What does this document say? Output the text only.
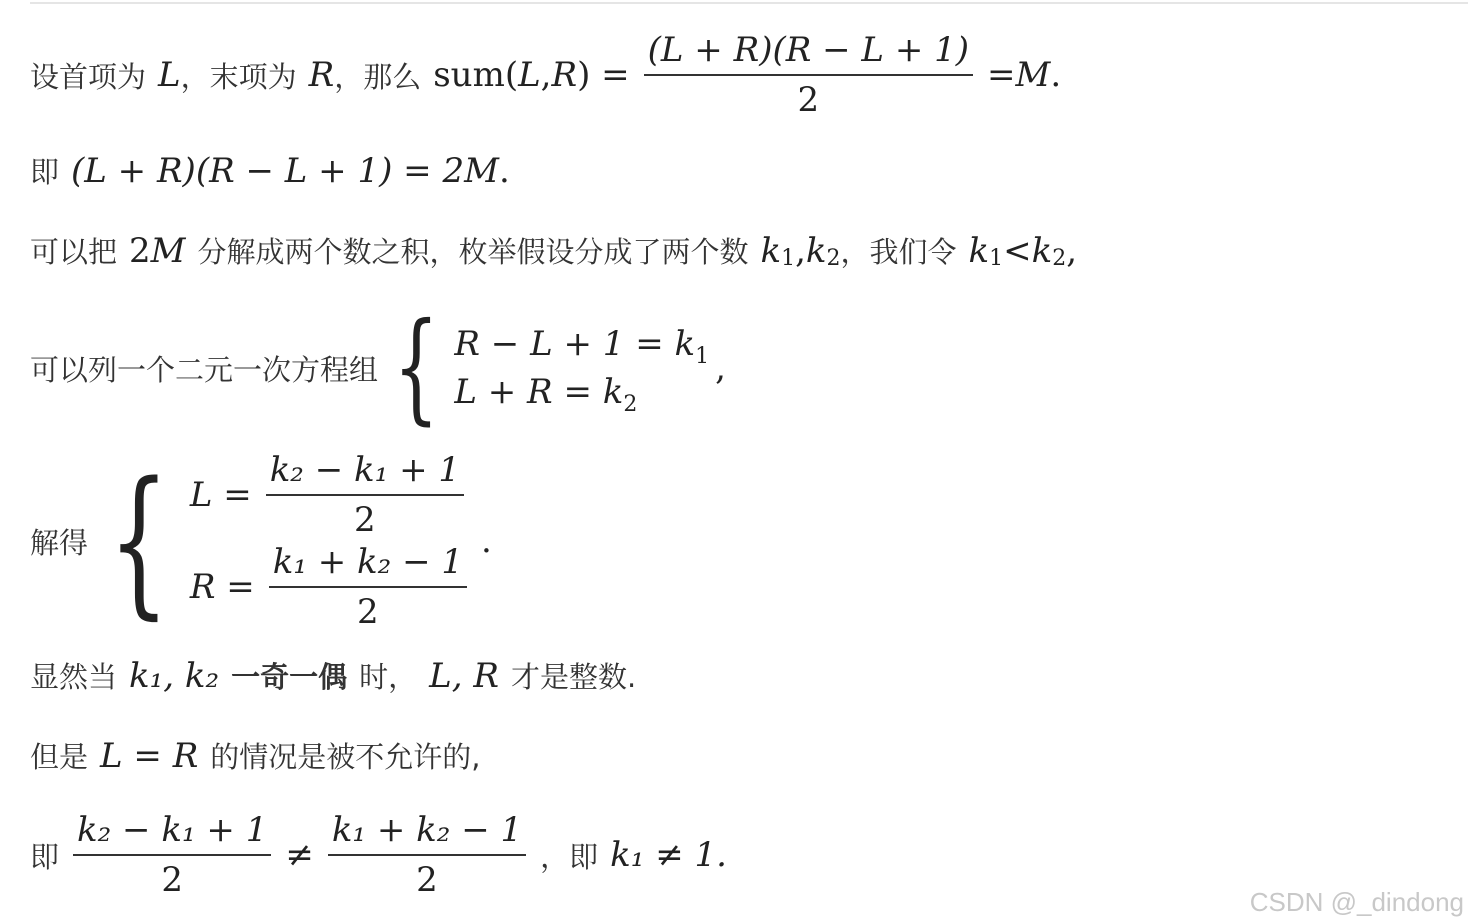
设首项为 L ，末项为 R ，那么 sum( L , R ) = $\frac{(L + R)(R - L + 1)}{2} = M$ .
即 (L + R)(R − L + 1) = 2 M .
可以把 2 M 分解成两个数之积，枚举假设分成了两个数 k 1 , k 2 ，我们令 k 1 < k 2 ,
可以列一个二元一次方程组 { R − L + 1 = k1
L + R = k2
,
解得 { $L = \frac{\text{k₂ − k₁ + 1}}{2}$
$R = \frac{\text{k₁ + k₂ − 1}}{2}$
.
显然当 k₁, k₂ 一奇一偶 时， L, R 才是整数.
但是 L = R 的情况是被不允许的,
即 $\frac{\text{k₂ − k₁ + 1}}{2} \ne \frac{\text{k₁ + k₂ − 1}}{2}$ ，即 k₁ ≠ 1.
CSDN @_dindong
